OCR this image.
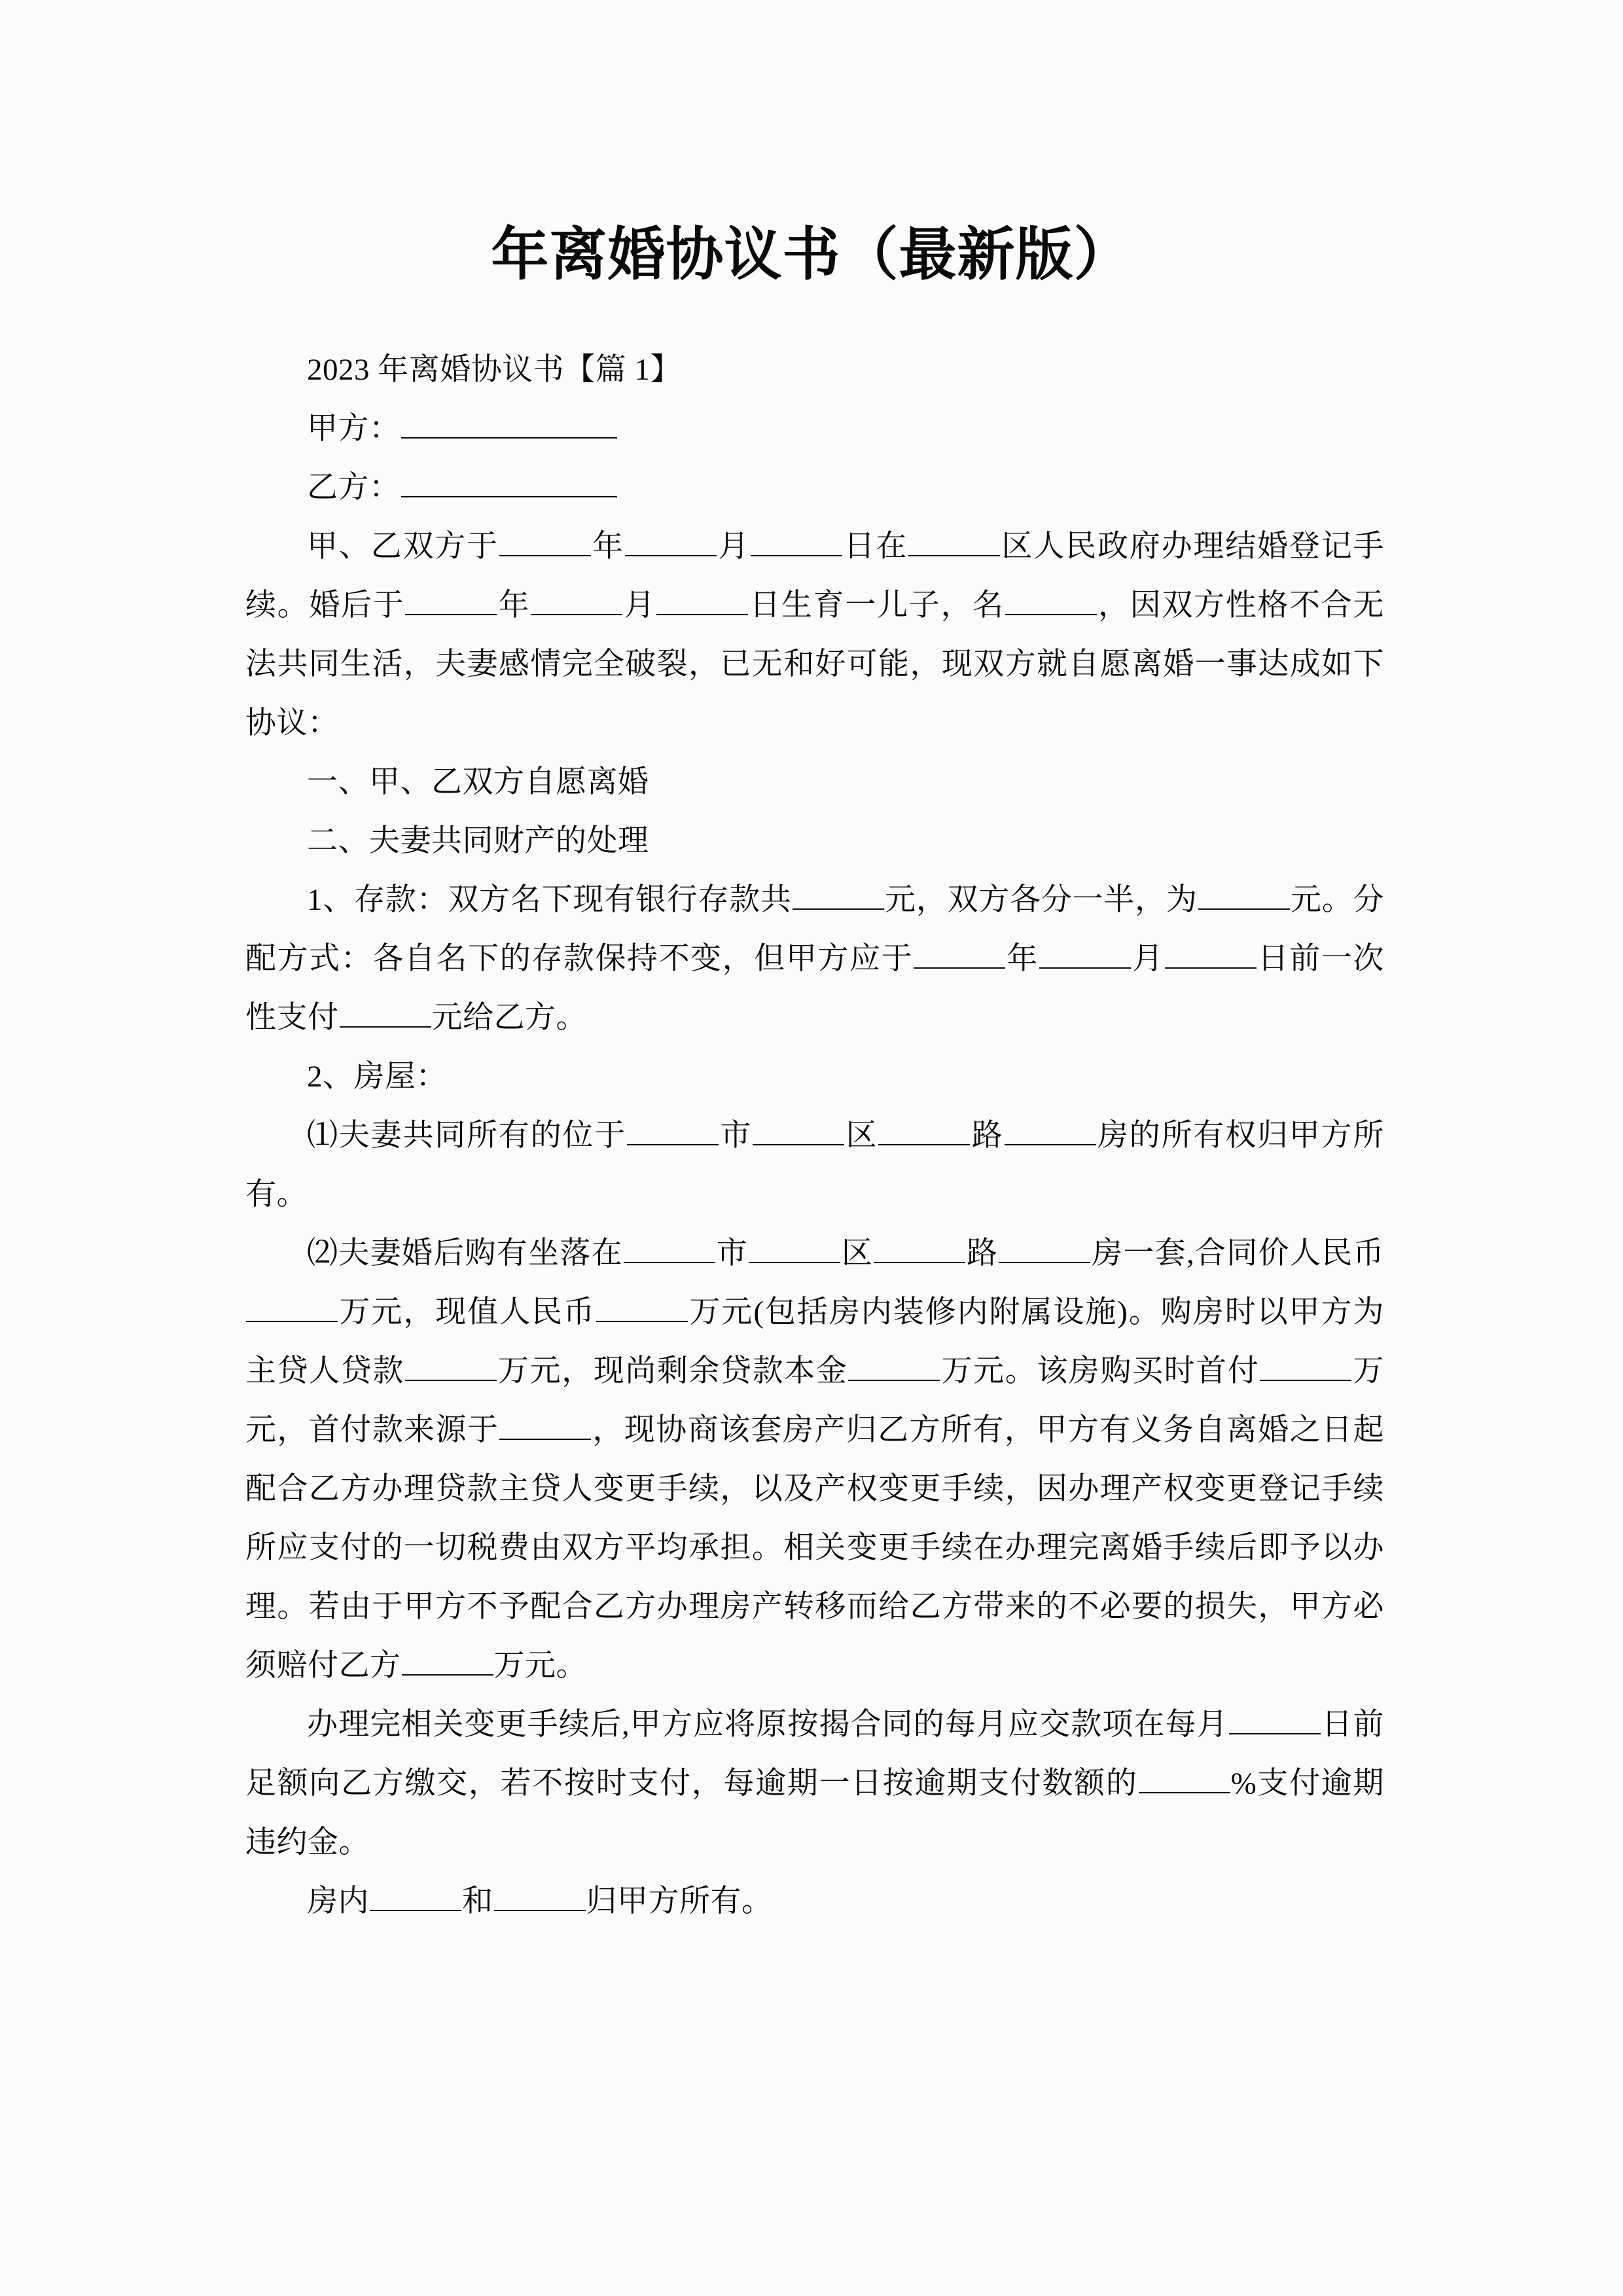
年离婚协议书（最新版）

2023 年离婚协议书【篇 1】

甲方：

乙方：

甲、乙双方于	年	月	日在	区人民政府办理结婚登记手续。婚后于	年	月	日生育一儿子，名	，因双方性格不合无法共同生活，夫妻感情完全破裂，已无和好可能，现双方就自愿离婚一事达成如下协议：

一、甲、乙双方自愿离婚

二、夫妻共同财产的处理

1、存款：双方名下现有银行存款共	元，双方各分一半，为	元。分配方式：各自名下的存款保持不变，但甲方应于	年	月	日前一次性支付	元给乙方。

2、房屋：

⑴夫妻共同所有的位于	市	区	路	房的所有权归甲方所有。

⑵夫妻婚后购有坐落在	市	区	路	房一套,合同价人民币万元，现值人民币	万元(包括房内装修内附属设施)。购房时以甲方为主贷人贷款	万元，现尚剩余贷款本金	万元。该房购买时首付	万元，首付款来源于	，现协商该套房产归乙方所有，甲方有义务自离婚之日起配合乙方办理贷款主贷人变更手续，以及产权变更手续，因办理产权变更登记手续所应支付的一切税费由双方平均承担。相关变更手续在办理完离婚手续后即予以办理。若由于甲方不予配合乙方办理房产转移而给乙方带来的不必要的损失，甲方必须赔付乙方	万元。

办理完相关变更手续后,甲方应将原按揭合同的每月应交款项在每月	日前足额向乙方缴交，若不按时支付，每逾期一日按逾期支付数额的	%支付逾期违约金。

房内	和	归甲方所有。
